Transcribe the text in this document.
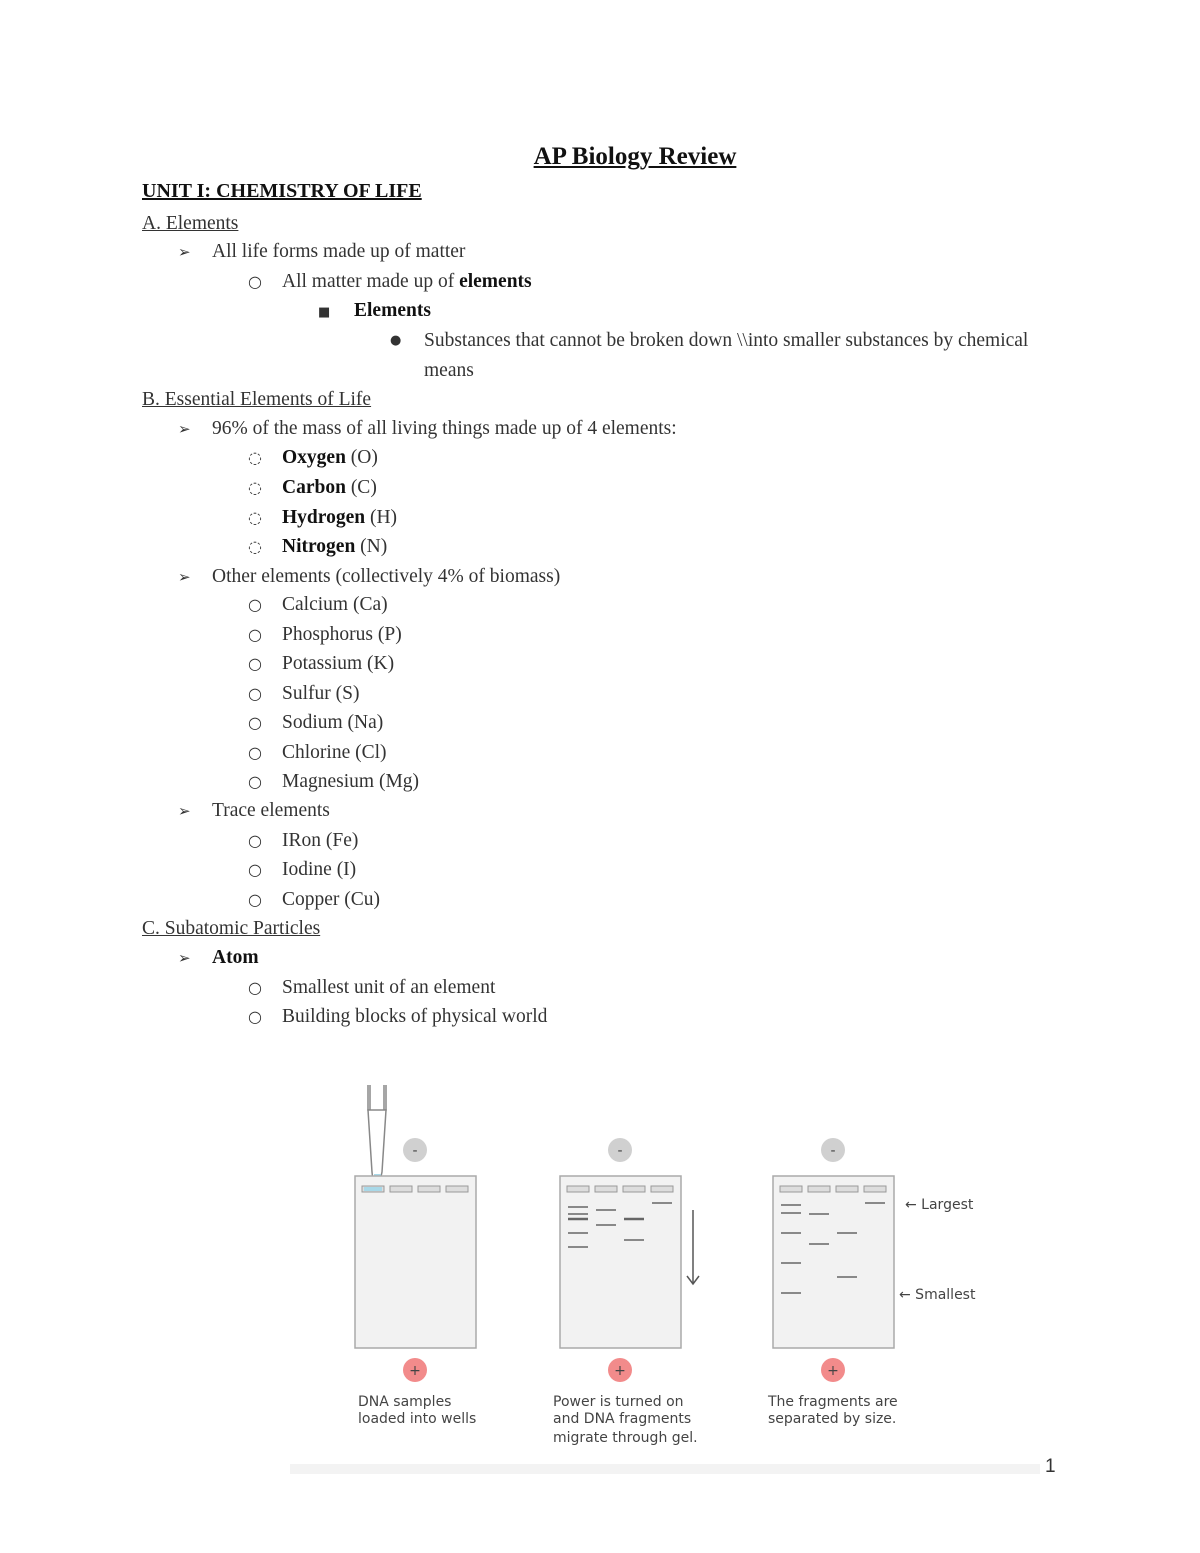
AP Biology Review
UNIT I: CHEMISTRY OF LIFE
A. Elements
➢ All life forms made up of matter
○ All matter made up of elements
■ Elements
●	Substances that cannot be broken down \\into smaller substances by chemical means
B. Essential Elements of Life
➢ 96% of the mass of all living things made up of 4 elements:
◌ Oxygen (O)
◌ Carbon (C)
◌ Hydrogen (H)
◌ Nitrogen (N)
➢ Other elements (collectively 4% of biomass)
○ Calcium (Ca)
○ Phosphorus (P)
○ Potassium (K)
○ Sulfur (S)
○ Sodium (Na)
○ Chlorine (Cl)
○ Magnesium (Mg)
➢ Trace elements
○ IRon (Fe)
○ Iodine (I)
○ Copper (Cu)
C. Subatomic Particles
➢ Atom
○ Smallest unit of an element
○ Building blocks of physical world
-
+
DNA samples
loaded into wells
-
+
Power is turned on
and DNA fragments
migrate through gel.
-
← Largest
← Smallest
+
The fragments are
separated by size.
1
